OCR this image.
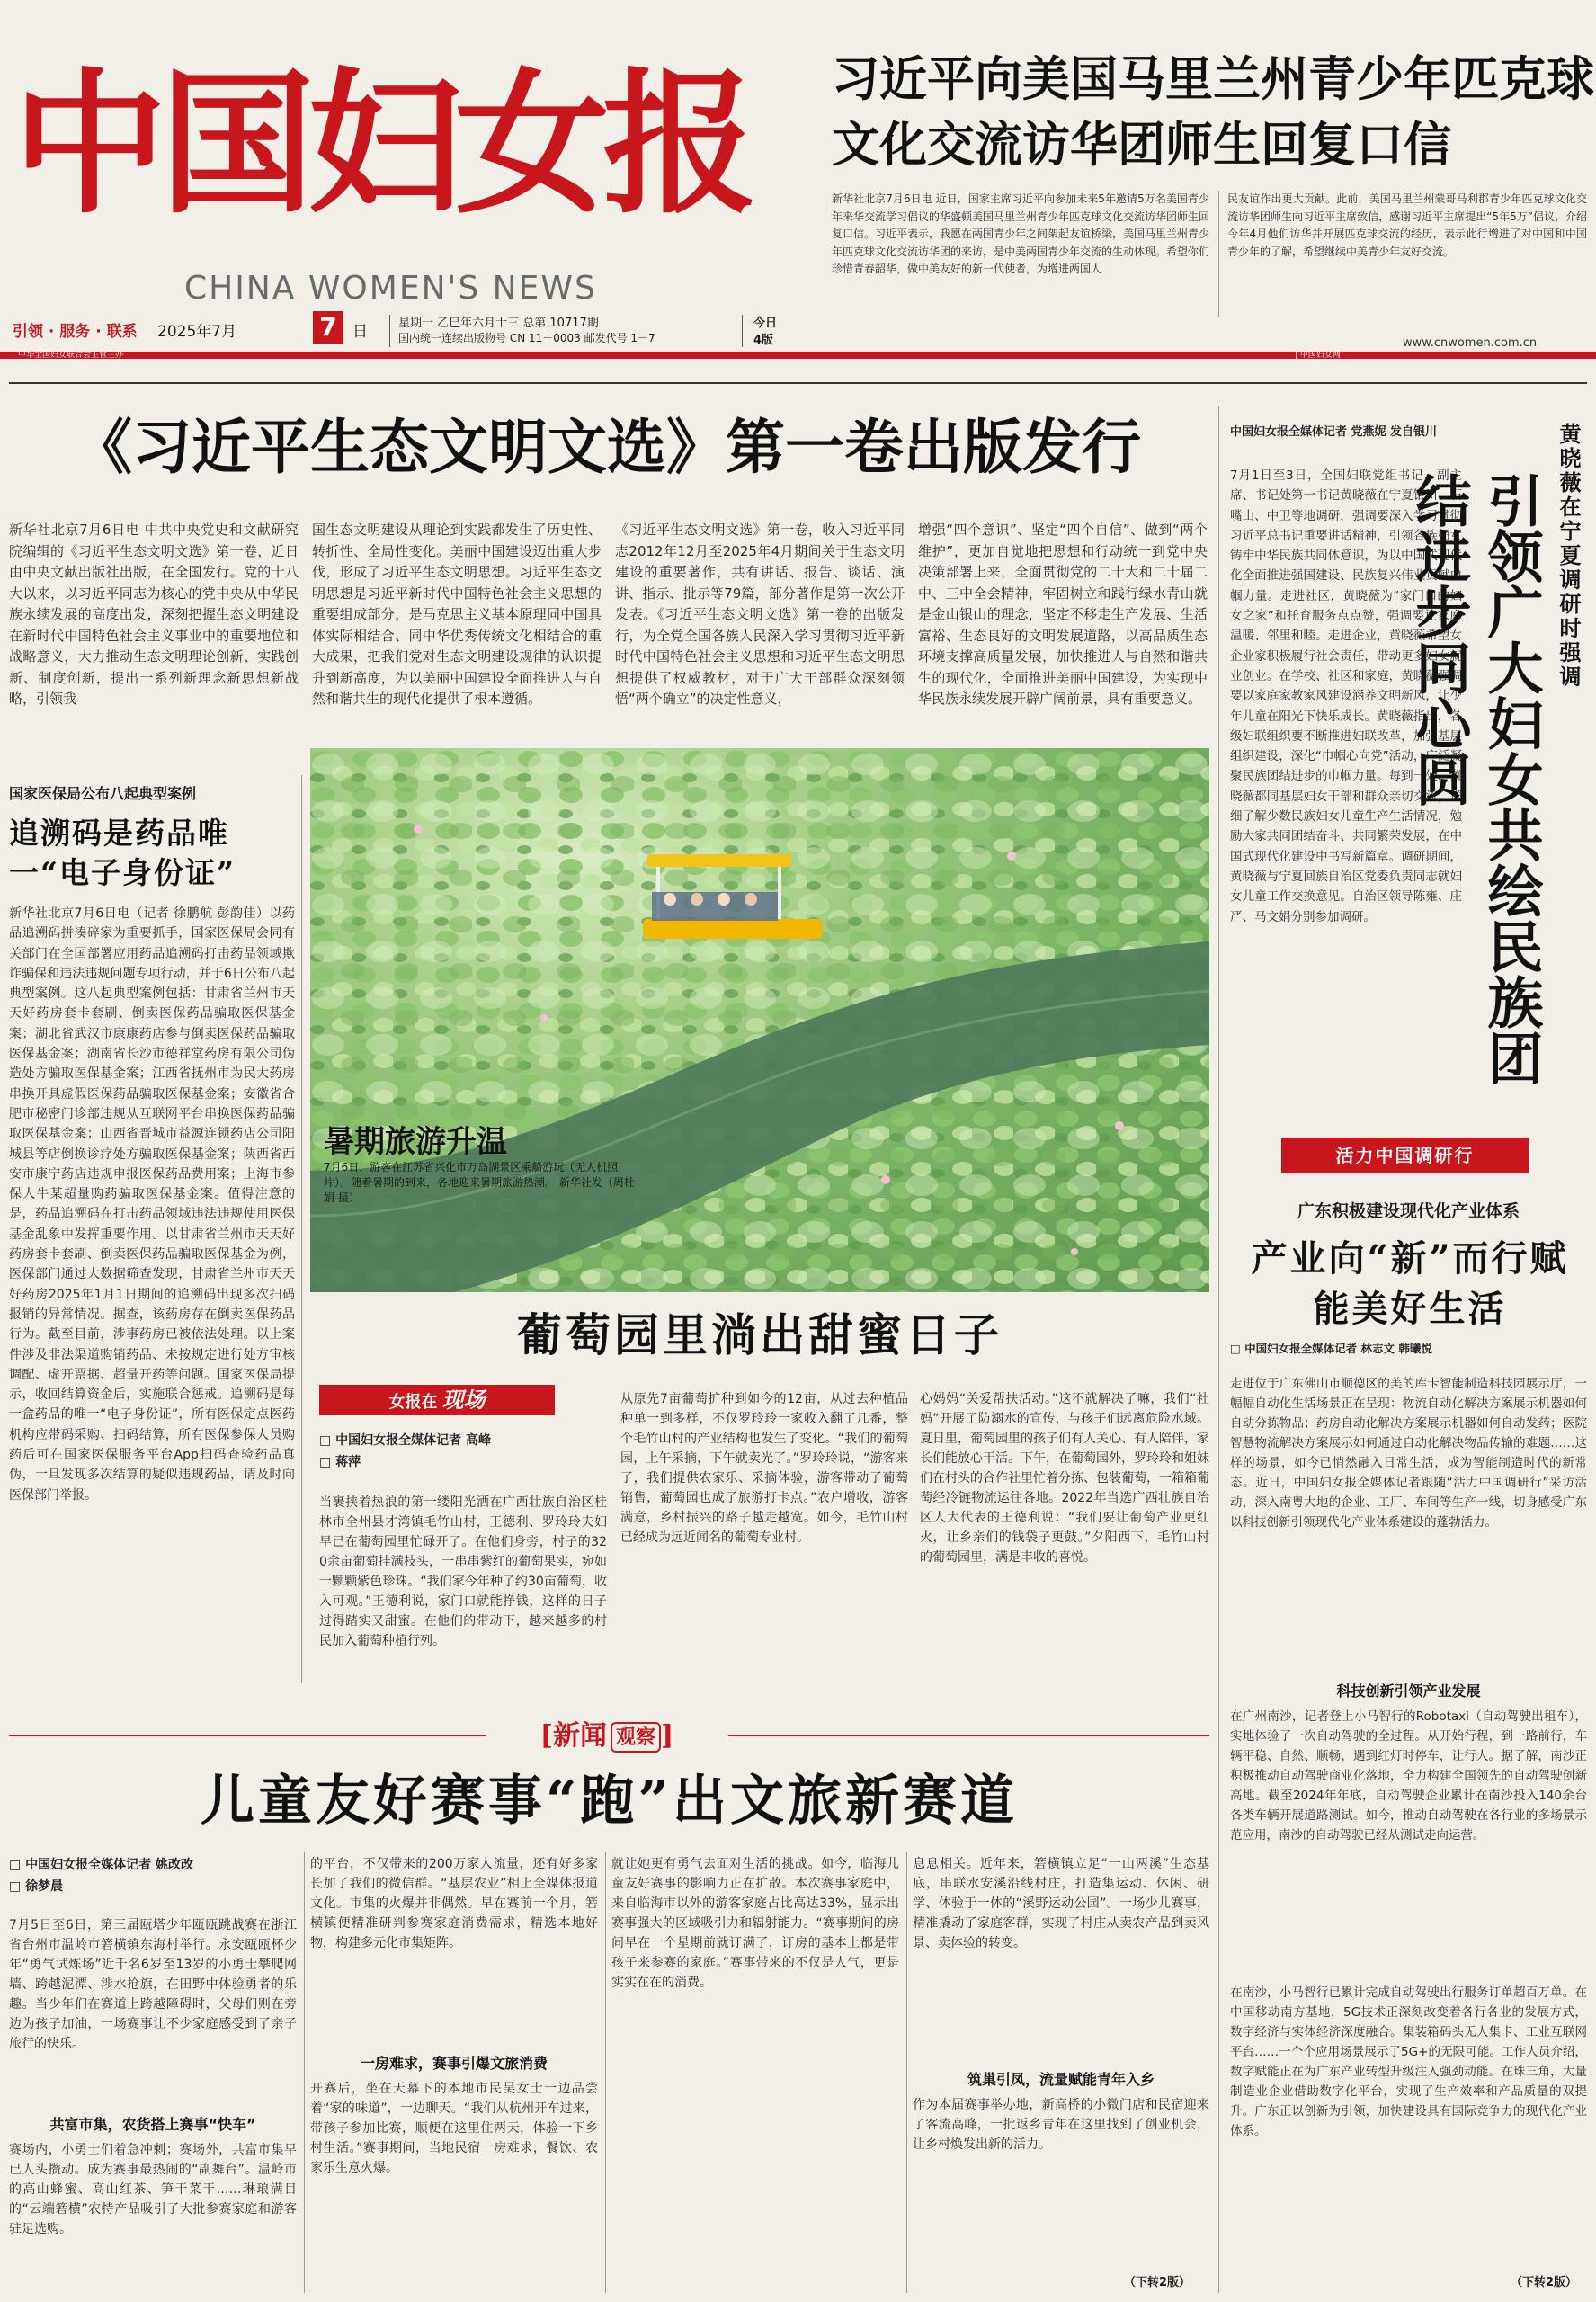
中国妇女报
CHINA WOMEN'S NEWS
引领 · 服务 · 联系 2025年7月	7	日	星期一 乙巳年六月十三 总第 10717期
国内统一连续出版物号 CN 11－0003 邮发代号 1－7
今日
4版
中华全国妇女联合会主管主办	| 中国妇女网
www.cnwomen.com.cn
习近平向美国马里兰州青少年匹克球
文化交流访华团师生回复口信
新华社北京7月6日电 近日，国家主席习近平向参加未来5年邀请5万名美国青少年来华交流学习倡议的华盛顿美国马里兰州青少年匹克球文化交流访华团师生回复口信。习近平表示，我愿在两国青少年之间架起友谊桥梁，美国马里兰州青少年匹克球文化交流访华团的来访，是中美两国青少年交流的生动体现。希望你们珍惜青春韶华，做中美友好的新一代使者，为增进两国人
民友谊作出更大贡献。此前，美国马里兰州蒙哥马利郡青少年匹克球文化交流访华团师生向习近平主席致信，感谢习近平主席提出“5年5万”倡议，介绍今年4月他们访华并开展匹克球交流的经历，表示此行增进了对中国和中国青少年的了解，希望继续中美青少年友好交流。
《习近平生态文明文选》第一卷出版发行
新华社北京7月6日电 中共中央党史和文献研究院编辑的《习近平生态文明文选》第一卷，近日由中央文献出版社出版，在全国发行。党的十八大以来，以习近平同志为核心的党中央从中华民族永续发展的高度出发，深刻把握生态文明建设在新时代中国特色社会主义事业中的重要地位和战略意义，大力推动生态文明理论创新、实践创新、制度创新，提出一系列新理念新思想新战略，引领我
国生态文明建设从理论到实践都发生了历史性、转折性、全局性变化。美丽中国建设迈出重大步伐，形成了习近平生态文明思想。习近平生态文明思想是习近平新时代中国特色社会主义思想的重要组成部分，是马克思主义基本原理同中国具体实际相结合、同中华优秀传统文化相结合的重大成果，把我们党对生态文明建设规律的认识提升到新高度，为以美丽中国建设全面推进人与自然和谐共生的现代化提供了根本遵循。
《习近平生态文明文选》第一卷，收入习近平同志2012年12月至2025年4月期间关于生态文明建设的重要著作，共有讲话、报告、谈话、演讲、指示、批示等79篇，部分著作是第一次公开发表。《习近平生态文明文选》第一卷的出版发行，为全党全国各族人民深入学习贯彻习近平新时代中国特色社会主义思想和习近平生态文明思想提供了权威教材，对于广大干部群众深刻领悟“两个确立”的决定性意义，
增强“四个意识”、坚定“四个自信”、做到“两个维护”，更加自觉地把思想和行动统一到党中央决策部署上来，全面贯彻党的二十大和二十届二中、三中全会精神，牢固树立和践行绿水青山就是金山银山的理念，坚定不移走生产发展、生活富裕、生态良好的文明发展道路，以高品质生态环境支撑高质量发展，加快推进人与自然和谐共生的现代化，全面推进美丽中国建设，为实现中华民族永续发展开辟广阔前景，具有重要意义。
国家医保局公布八起典型案例
追溯码是药品唯一“电子身份证”
新华社北京7月6日电（记者 徐鹏航 彭韵佳）以药品追溯码拼凑碎家为重要抓手，国家医保局会同有关部门在全国部署应用药品追溯码打击药品领域欺诈骗保和违法违规问题专项行动，并于6日公布八起典型案例。这八起典型案例包括：甘肃省兰州市天天好药房套卡套刷、倒卖医保药品骗取医保基金案；湖北省武汉市康康药店参与倒卖医保药品骗取医保基金案；湖南省长沙市德祥堂药房有限公司伪造处方骗取医保基金案；江西省抚州市为民大药房串换开具虚假医保药品骗取医保基金案；安徽省合肥市秘密门诊部违规从互联网平台串换医保药品骗取医保基金案；山西省晋城市益源连锁药店公司阳城县等店倒换诊疗处方骗取医保基金案；陕西省西安市康宁药店违规申报医保药品费用案；上海市参保人牛某超量购药骗取医保基金案。值得注意的是，药品追溯码在打击药品领域违法违规使用医保基金乱象中发挥重要作用。以甘肃省兰州市天天好药房套卡套刷、倒卖医保药品骗取医保基金为例，医保部门通过大数据筛查发现，甘肃省兰州市天天好药房2025年1月1日期间的追溯码出现多次扫码报销的异常情况。据查，该药房存在倒卖医保药品行为。截至目前，涉事药房已被依法处理。以上案件涉及非法渠道购销药品、未按规定进行处方审核调配、虚开票据、超量开药等问题。国家医保局提示，收回结算资金后，实施联合惩戒。追溯码是每一盒药品的唯一“电子身份证”，所有医保定点医药机构应带码采购、扫码结算，所有医保参保人员购药后可在国家医保服务平台App扫码查验药品真伪，一旦发现多次结算的疑似违规药品，请及时向医保部门举报。
暑期旅游升温
7月6日，游客在江苏省兴化市万岛湖景区乘船游玩（无人机照片）。随着暑期的到来，各地迎来暑期旅游热潮。 新华社发（周杜娟 摄）
葡萄园里淌出甜蜜日子
女报在 现场
□ 中国妇女报全媒体记者 高峰
□ 蒋萍
当裹挟着热浪的第一缕阳光洒在广西壮族自治区桂林市全州县才湾镇毛竹山村，王德利、罗玲玲夫妇早已在葡萄园里忙碌开了。在他们身旁，村子的320余亩葡萄挂满枝头，一串串紫红的葡萄果实，宛如一颗颗紫色珍珠。“我们家今年种了约30亩葡萄，收入可观。”王德利说，家门口就能挣钱，这样的日子过得踏实又甜蜜。在他们的带动下，越来越多的村民加入葡萄种植行列。
从原先7亩葡萄扩种到如今的12亩，从过去种植品种单一到多样，不仅罗玲玲一家收入翻了几番，整个毛竹山村的产业结构也发生了变化。“我们的葡萄园，上午采摘，下午就卖光了。”罗玲玲说，“游客来了，我们提供农家乐、采摘体验，游客带动了葡萄销售，葡萄园也成了旅游打卡点。”农户增收，游客满意，乡村振兴的路子越走越宽。如今，毛竹山村已经成为远近闻名的葡萄专业村。
心妈妈“关爱帮扶活动。”这不就解决了嘛，我们“社妈”开展了防溺水的宣传，与孩子们远离危险水域。夏日里，葡萄园里的孩子们有人关心、有人陪伴，家长们能放心干活。下午，在葡萄园外，罗玲玲和姐妹们在村头的合作社里忙着分拣、包装葡萄，一箱箱葡萄经冷链物流运往各地。2022年当选广西壮族自治区人大代表的王德利说：“我们要让葡萄产业更红火，让乡亲们的钱袋子更鼓。”夕阳西下，毛竹山村的葡萄园里，满是丰收的喜悦。
[新闻 观察 ]
儿童友好赛事“跑”出文旅新赛道
□ 中国妇女报全媒体记者 姚改改
□ 徐梦晨
7月5日至6日，第三届瓯塔少年瓯瓯跳战赛在浙江省台州市温岭市箬横镇东海村举行。永安瓯瓯杯少年“勇气试炼场”近千名6岁至13岁的小勇士攀爬网墙、跨越泥潭、涉水抢旗，在田野中体验勇者的乐趣。当少年们在赛道上跨越障碍时，父母们则在旁边为孩子加油，一场赛事让不少家庭感受到了亲子旅行的快乐。
共富市集，农货搭上赛事“快车”
赛场内，小勇士们着急冲刺；赛场外，共富市集早已人头攒动。成为赛事最热闹的“副舞台”。温岭市的高山蜂蜜、高山红茶、笋干菜干……琳琅满目的“云端箬横”农特产品吸引了大批参赛家庭和游客驻足选购。
的平台，不仅带来的200万家人流量，还有好多家长加了我们的微信群。“基层农业”相上全媒体报道文化。市集的火爆并非偶然。早在赛前一个月，箬横镇便精准研判参赛家庭消费需求，精选本地好物，构建多元化市集矩阵。
一房难求，赛事引爆文旅消费
开赛后，坐在天幕下的本地市民吴女士一边品尝着“家的味道”，一边聊天。“我们从杭州开车过来，带孩子参加比赛，顺便在这里住两天，体验一下乡村生活。”赛事期间，当地民宿一房难求，餐饮、农家乐生意火爆。
就让她更有勇气去面对生活的挑战。如今，临海儿童友好赛事的影响力正在扩散。本次赛事家庭中，来自临海市以外的游客家庭占比高达33%，显示出赛事强大的区域吸引力和辐射能力。“赛事期间的房间早在一个星期前就订满了，订房的基本上都是带孩子来参赛的家庭。”赛事带来的不仅是人气，更是实实在在的消费。
息息相关。近年来，箬横镇立足“一山两溪”生态基底，串联水安溪沿线村庄，打造集运动、休闲、研学、体验于一体的“溪野运动公园”。一场少儿赛事，精准撬动了家庭客群，实现了村庄从卖农产品到卖风景、卖体验的转变。
筑巢引凤，流量赋能青年入乡
作为本届赛事举办地，新高桥的小微门店和民宿迎来了客流高峰，一批返乡青年在这里找到了创业机会，让乡村焕发出新的活力。
（下转2版）
中国妇女报全媒体记者 党燕妮 发自银川
7月1日至3日，全国妇联党组书记、副主席、书记处第一书记黄晓薇在宁夏银川、石嘴山、中卫等地调研，强调要深入学习贯彻习近平总书记重要讲话精神，引领各族妇女铸牢中华民族共同体意识，为以中国式现代化全面推进强国建设、民族复兴伟业贡献巾帼力量。走进社区，黄晓薇为“家门口的妇女之家”和托育服务点点赞，强调要让家庭温暖、邻里和睦。走进企业，黄晓薇希望女企业家积极履行社会责任，带动更多妇女就业创业。在学校、社区和家庭，黄晓薇强调要以家庭家教家风建设涵养文明新风，让少年儿童在阳光下快乐成长。黄晓薇指出，各级妇联组织要不断推进妇联改革，加强基层组织建设，深化“巾帼心向党”活动，广泛凝聚民族团结进步的巾帼力量。每到一处，黄晓薇都同基层妇女干部和群众亲切交流，详细了解少数民族妇女儿童生产生活情况，勉励大家共同团结奋斗、共同繁荣发展，在中国式现代化建设中书写新篇章。调研期间，黄晓薇与宁夏回族自治区党委负责同志就妇女儿童工作交换意见。自治区领导陈雍、庄严、马文娟分别参加调研。
黄晓薇在宁夏调研时强调
引领广大妇女共绘民族团结进步同心圆
活力中国调研行
广东积极建设现代化产业体系
产业向“新”而行赋能美好生活
□ 中国妇女报全媒体记者 林志文 韩曦悦
走进位于广东佛山市顺德区的美的库卡智能制造科技园展示厅，一幅幅自动化生活场景正在呈现：物流自动化解决方案展示机器如何自动分拣物品；药房自动化解决方案展示机器如何自动发药；医院智慧物流解决方案展示如何通过自动化解决物品传输的难题……这样的场景，如今已悄然融入日常生活，成为智能制造时代的新常态。近日，中国妇女报全媒体记者跟随“活力中国调研行”采访活动，深入南粤大地的企业、工厂、车间等生产一线，切身感受广东以科技创新引领现代化产业体系建设的蓬勃活力。
科技创新引领产业发展
在广州南沙，记者登上小马智行的Robotaxi（自动驾驶出租车），实地体验了一次自动驾驶的全过程。从开始行程，到一路前行，车辆平稳、自然、顺畅，遇到红灯时停车，让行人。据了解，南沙正积极推动自动驾驶商业化落地，全力构建全国领先的自动驾驶创新高地。截至2024年年底，自动驾驶企业累计在南沙投入140余台各类车辆开展道路测试。如今，推动自动驾驶在各行业的多场景示范应用，南沙的自动驾驶已经从测试走向运营。
在南沙，小马智行已累计完成自动驾驶出行服务订单超百万单。在中国移动南方基地，5G技术正深刻改变着各行各业的发展方式，数字经济与实体经济深度融合。集装箱码头无人集卡、工业互联网平台……一个个应用场景展示了5G+的无限可能。工作人员介绍，数字赋能正在为广东产业转型升级注入强劲动能。在珠三角，大量制造业企业借助数字化平台，实现了生产效率和产品质量的双提升。广东正以创新为引领，加快建设具有国际竞争力的现代化产业体系。
（下转2版）
